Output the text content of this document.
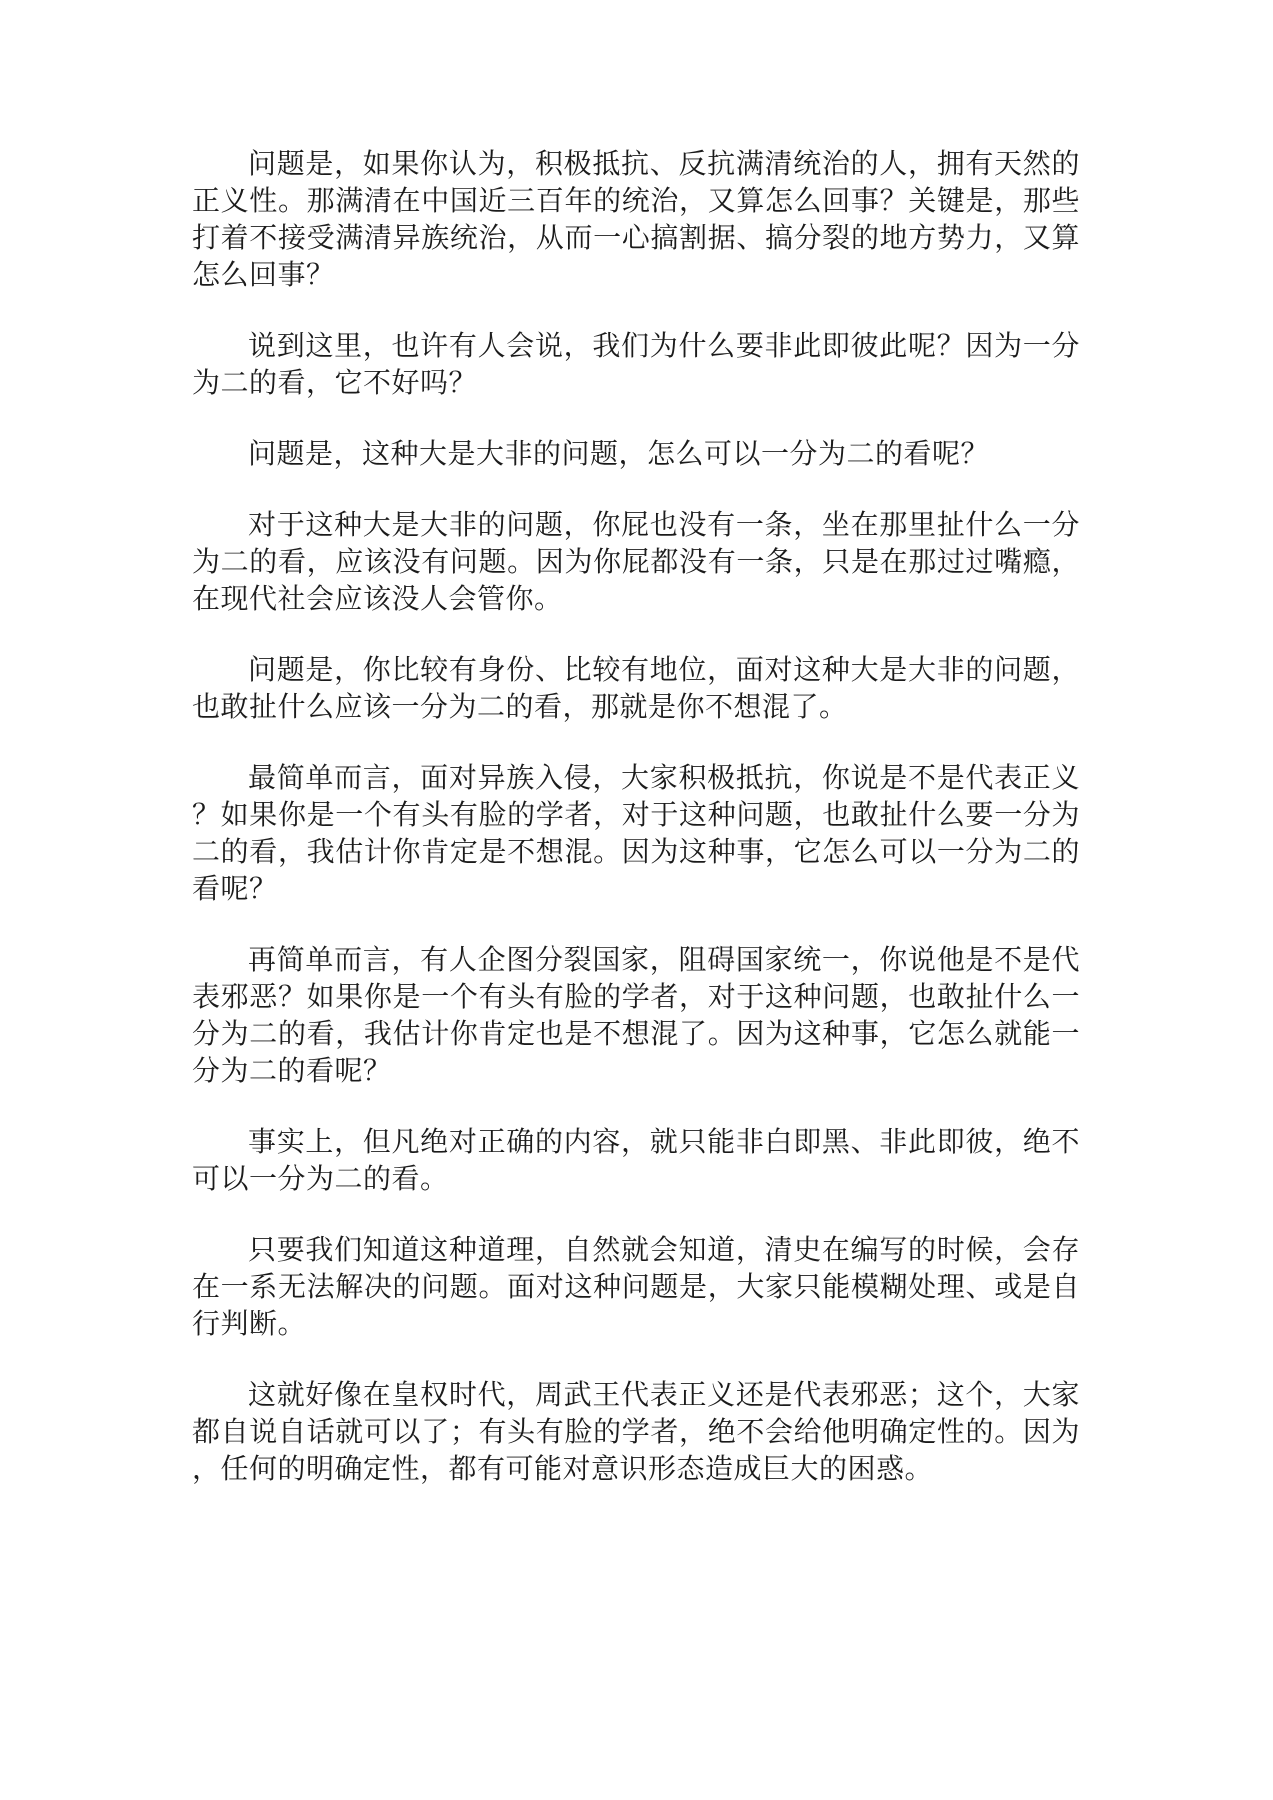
问题是，如果你认为，积极抵抗、反抗满清统治的人，拥有天然的正义性。那满清在中国近三百年的统治，又算怎么回事？关键是，那些打着不接受满清异族统治，从而一心搞割据、搞分裂的地方势力，又算怎么回事？

说到这里，也许有人会说，我们为什么要非此即彼此呢？因为一分为二的看，它不好吗？

问题是，这种大是大非的问题，怎么可以一分为二的看呢？

对于这种大是大非的问题，你屁也没有一条，坐在那里扯什么一分为二的看，应该没有问题。因为你屁都没有一条，只是在那过过嘴瘾，在现代社会应该没人会管你。

问题是，你比较有身份、比较有地位，面对这种大是大非的问题，也敢扯什么应该一分为二的看，那就是你不想混了。

最简单而言，面对异族入侵，大家积极抵抗，你说是不是代表正义？如果你是一个有头有脸的学者，对于这种问题，也敢扯什么要一分为二的看，我估计你肯定是不想混。因为这种事，它怎么可以一分为二的看呢？

再简单而言，有人企图分裂国家，阻碍国家统一，你说他是不是代表邪恶？如果你是一个有头有脸的学者，对于这种问题，也敢扯什么一分为二的看，我估计你肯定也是不想混了。因为这种事，它怎么就能一分为二的看呢？

事实上，但凡绝对正确的内容，就只能非白即黑、非此即彼，绝不可以一分为二的看。

只要我们知道这种道理，自然就会知道，清史在编写的时候，会存在一系无法解决的问题。面对这种问题是，大家只能模糊处理、或是自行判断。

这就好像在皇权时代，周武王代表正义还是代表邪恶；这个，大家都自说自话就可以了；有头有脸的学者，绝不会给他明确定性的。因为，任何的明确定性，都有可能对意识形态造成巨大的困惑。
